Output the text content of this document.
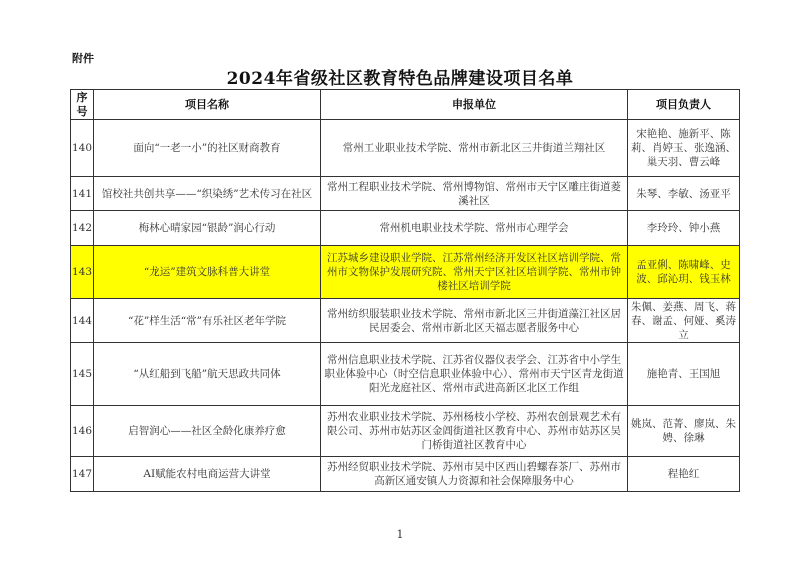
附件
2024年省级社区教育特色品牌建设项目名单
序号	项目名称	申报单位	项目负责人
140	面向“一老一小”的社区财商教育	常州工业职业技术学院、常州市新北区三井街道兰翔社区	宋艳艳、施新平、陈莉、肖婷玉、张逸涵、巢天羽、曹云峰
141	馆校社共创共享——“织染绣”艺术传习在社区	常州工程职业技术学院、常州博物馆、常州市天宁区雕庄街道菱溪社区	朱琴、李敏、汤亚平
142	梅林心晴家园“银龄”润心行动	常州机电职业技术学院、常州市心理学会	李玲玲、钟小燕
143	“龙运”建筑文脉科普大讲堂	江苏城乡建设职业学院、江苏常州经济开发区社区培训学院、常州市文物保护发展研究院、常州天宁区社区培训学院、常州市钟楼社区培训学院	孟亚俐、陈啸峰、史波、邱沁玥、钱玉林
144	“花”样生活“常”有乐社区老年学院	常州纺织服装职业技术学院、常州市新北区三井街道藻江社区居民居委会、常州市新北区天福志愿者服务中心	朱佩、姜燕、周飞、蒋春、谢孟、何娅、奚涛立
145	“从红船到飞船”航天思政共同体	常州信息职业技术学院、江苏省仪器仪表学会、江苏省中小学生职业体验中心（时空信息职业体验中心）、常州市天宁区青龙街道阳光龙庭社区、常州市武进高新区北区工作组	施艳青、王国旭
146	启智润心——社区全龄化康养疗愈	苏州农业职业技术学院、苏州杨枝小学校、苏州农创景观艺术有限公司、苏州市姑苏区金阊街道社区教育中心、苏州市姑苏区吴门桥街道社区教育中心	姚岚、范菁、廖岚、朱娉、徐琳
147	AI赋能农村电商运营大讲堂	苏州经贸职业技术学院、苏州市吴中区西山碧螺春茶厂、苏州市高新区通安镇人力资源和社会保障服务中心	程艳红
1
